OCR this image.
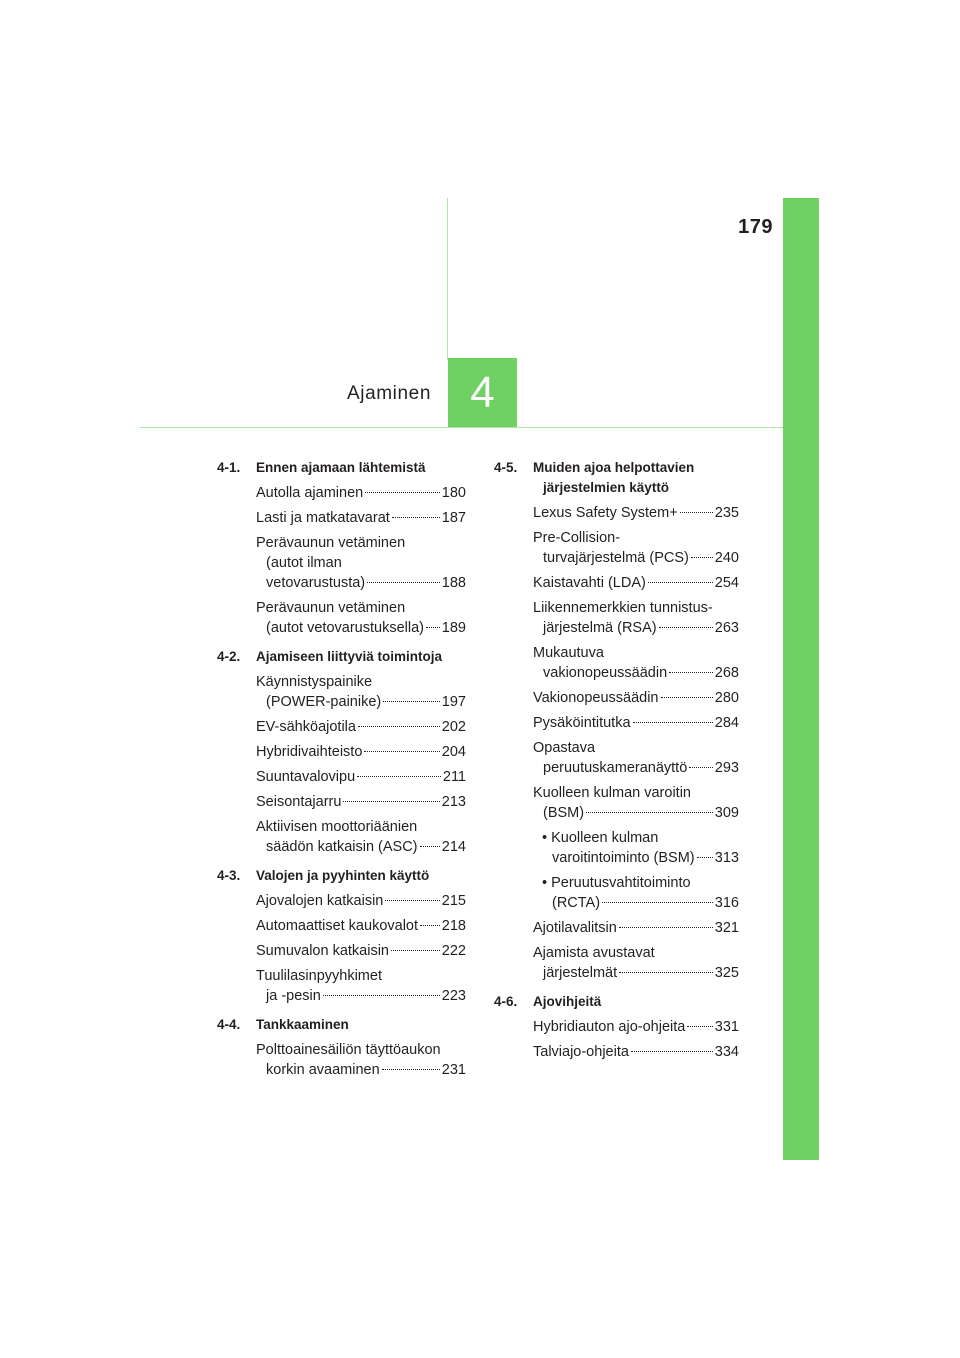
179
4
Ajaminen
4-1.	Ennen ajamaan lähtemistä
Autolla ajaminen	180
Lasti ja matkatavarat	187
Perävaunun vetäminen
(autot ilman
vetovarustusta)	188
Perävaunun vetäminen
(autot vetovarustuksella) 189
4-2.	Ajamiseen liittyviä toimintoja
Käynnistyspainike
(POWER-painike)	197
EV-sähköajotila	202
Hybridivaihteisto	204
Suuntavalovipu	211
Seisontajarru	213
Aktiivisen moottoriäänien
säädön katkaisin (ASC) 214
4-3.	Valojen ja pyyhinten käyttö
Ajovalojen katkaisin	215
Automaattiset kaukovalot 218
Sumuvalon katkaisin	222
Tuulilasinpyyhkimet
ja -pesin	223
4-4.	Tankkaaminen
Polttoainesäiliön täyttöaukon
korkin avaaminen	231
4-5.	Muiden ajoa helpottavien
järjestelmien käyttö
Lexus Safety System+	235
Pre-Collision-
turvajärjestelmä (PCS) 240
Kaistavahti (LDA)	254
Liikennemerkkien tunnistus-
järjestelmä (RSA)	263
Mukautuva
vakionopeussäädin	268
Vakionopeussäädin	280
Pysäköintitutka	284
Opastava
peruutuskameranäyttö 293
Kuolleen kulman varoitin
(BSM)	309
• Kuolleen kulman
varoitintoiminto (BSM) 313
• Peruutusvahtitoiminto
(RCTA)	316
Ajotilavalitsin	321
Ajamista avustavat
järjestelmät	325
4-6.	Ajovihjeitä
Hybridiauton ajo-ohjeita 331
Talviajo-ohjeita	334
